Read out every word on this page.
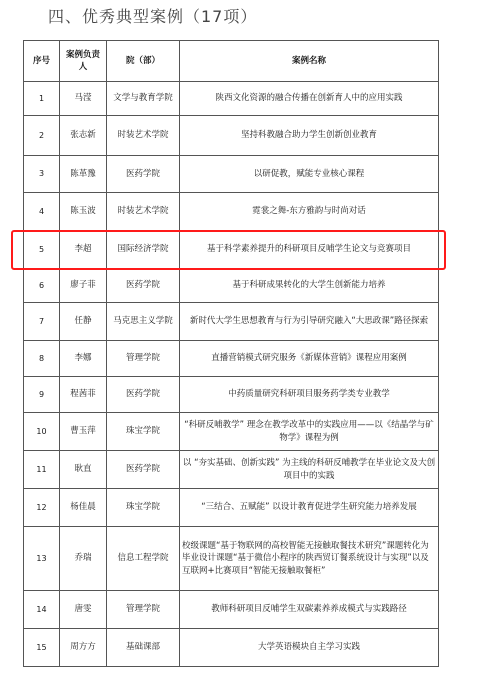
四、优秀典型案例（17项）
序号	案例负责人	院（部）	案例名称
1	马滢	文学与教育学院	陕西文化资源的融合传播在创新育人中的应用实践
2	张志新	时装艺术学院	坚持科教融合助力学生创新创业教育
3	陈革豫	医药学院	以研促教，赋能专业核心课程
4	陈玉波	时装艺术学院	霓裳之舞-东方雅韵与时尚对话
5	李超	国际经济学院	基于科学素养提升的科研项目反哺学生论文与竞赛项目
6	廖子菲	医药学院	基于科研成果转化的大学生创新能力培养
7	任静	马克思主义学院	新时代大学生思想教育与行为引导研究融入“大思政课”路径探索
8	李娜	管理学院	直播营销模式研究服务《新媒体营销》课程应用案例
9	程茜菲	医药学院	中药质量研究科研项目服务药学类专业教学
10	曹玉萍	珠宝学院	“科研反哺教学” 理念在教学改革中的实践应用——以《结晶学与矿物学》课程为例
11	耿直	医药学院	以 “夯实基础、创新实践” 为主线的科研反哺教学在毕业论文及大创项目中的实践
12	杨佳晨	珠宝学院	“三结合、五赋能” 以设计教育促进学生研究能力培养发展
13	乔瑞	信息工程学院	校级课题“基于物联网的高校智能无接触取餐技术研究”课题转化为毕业设计课题“基于微信小程序的陕西贸订餐系统设计与实现”以及互联网+比赛项目“智能无接触取餐柜”
14	唐雯	管理学院	教师科研项目反哺学生双碳素养养成模式与实践路径
15	周方方	基础课部	大学英语模块自主学习实践
